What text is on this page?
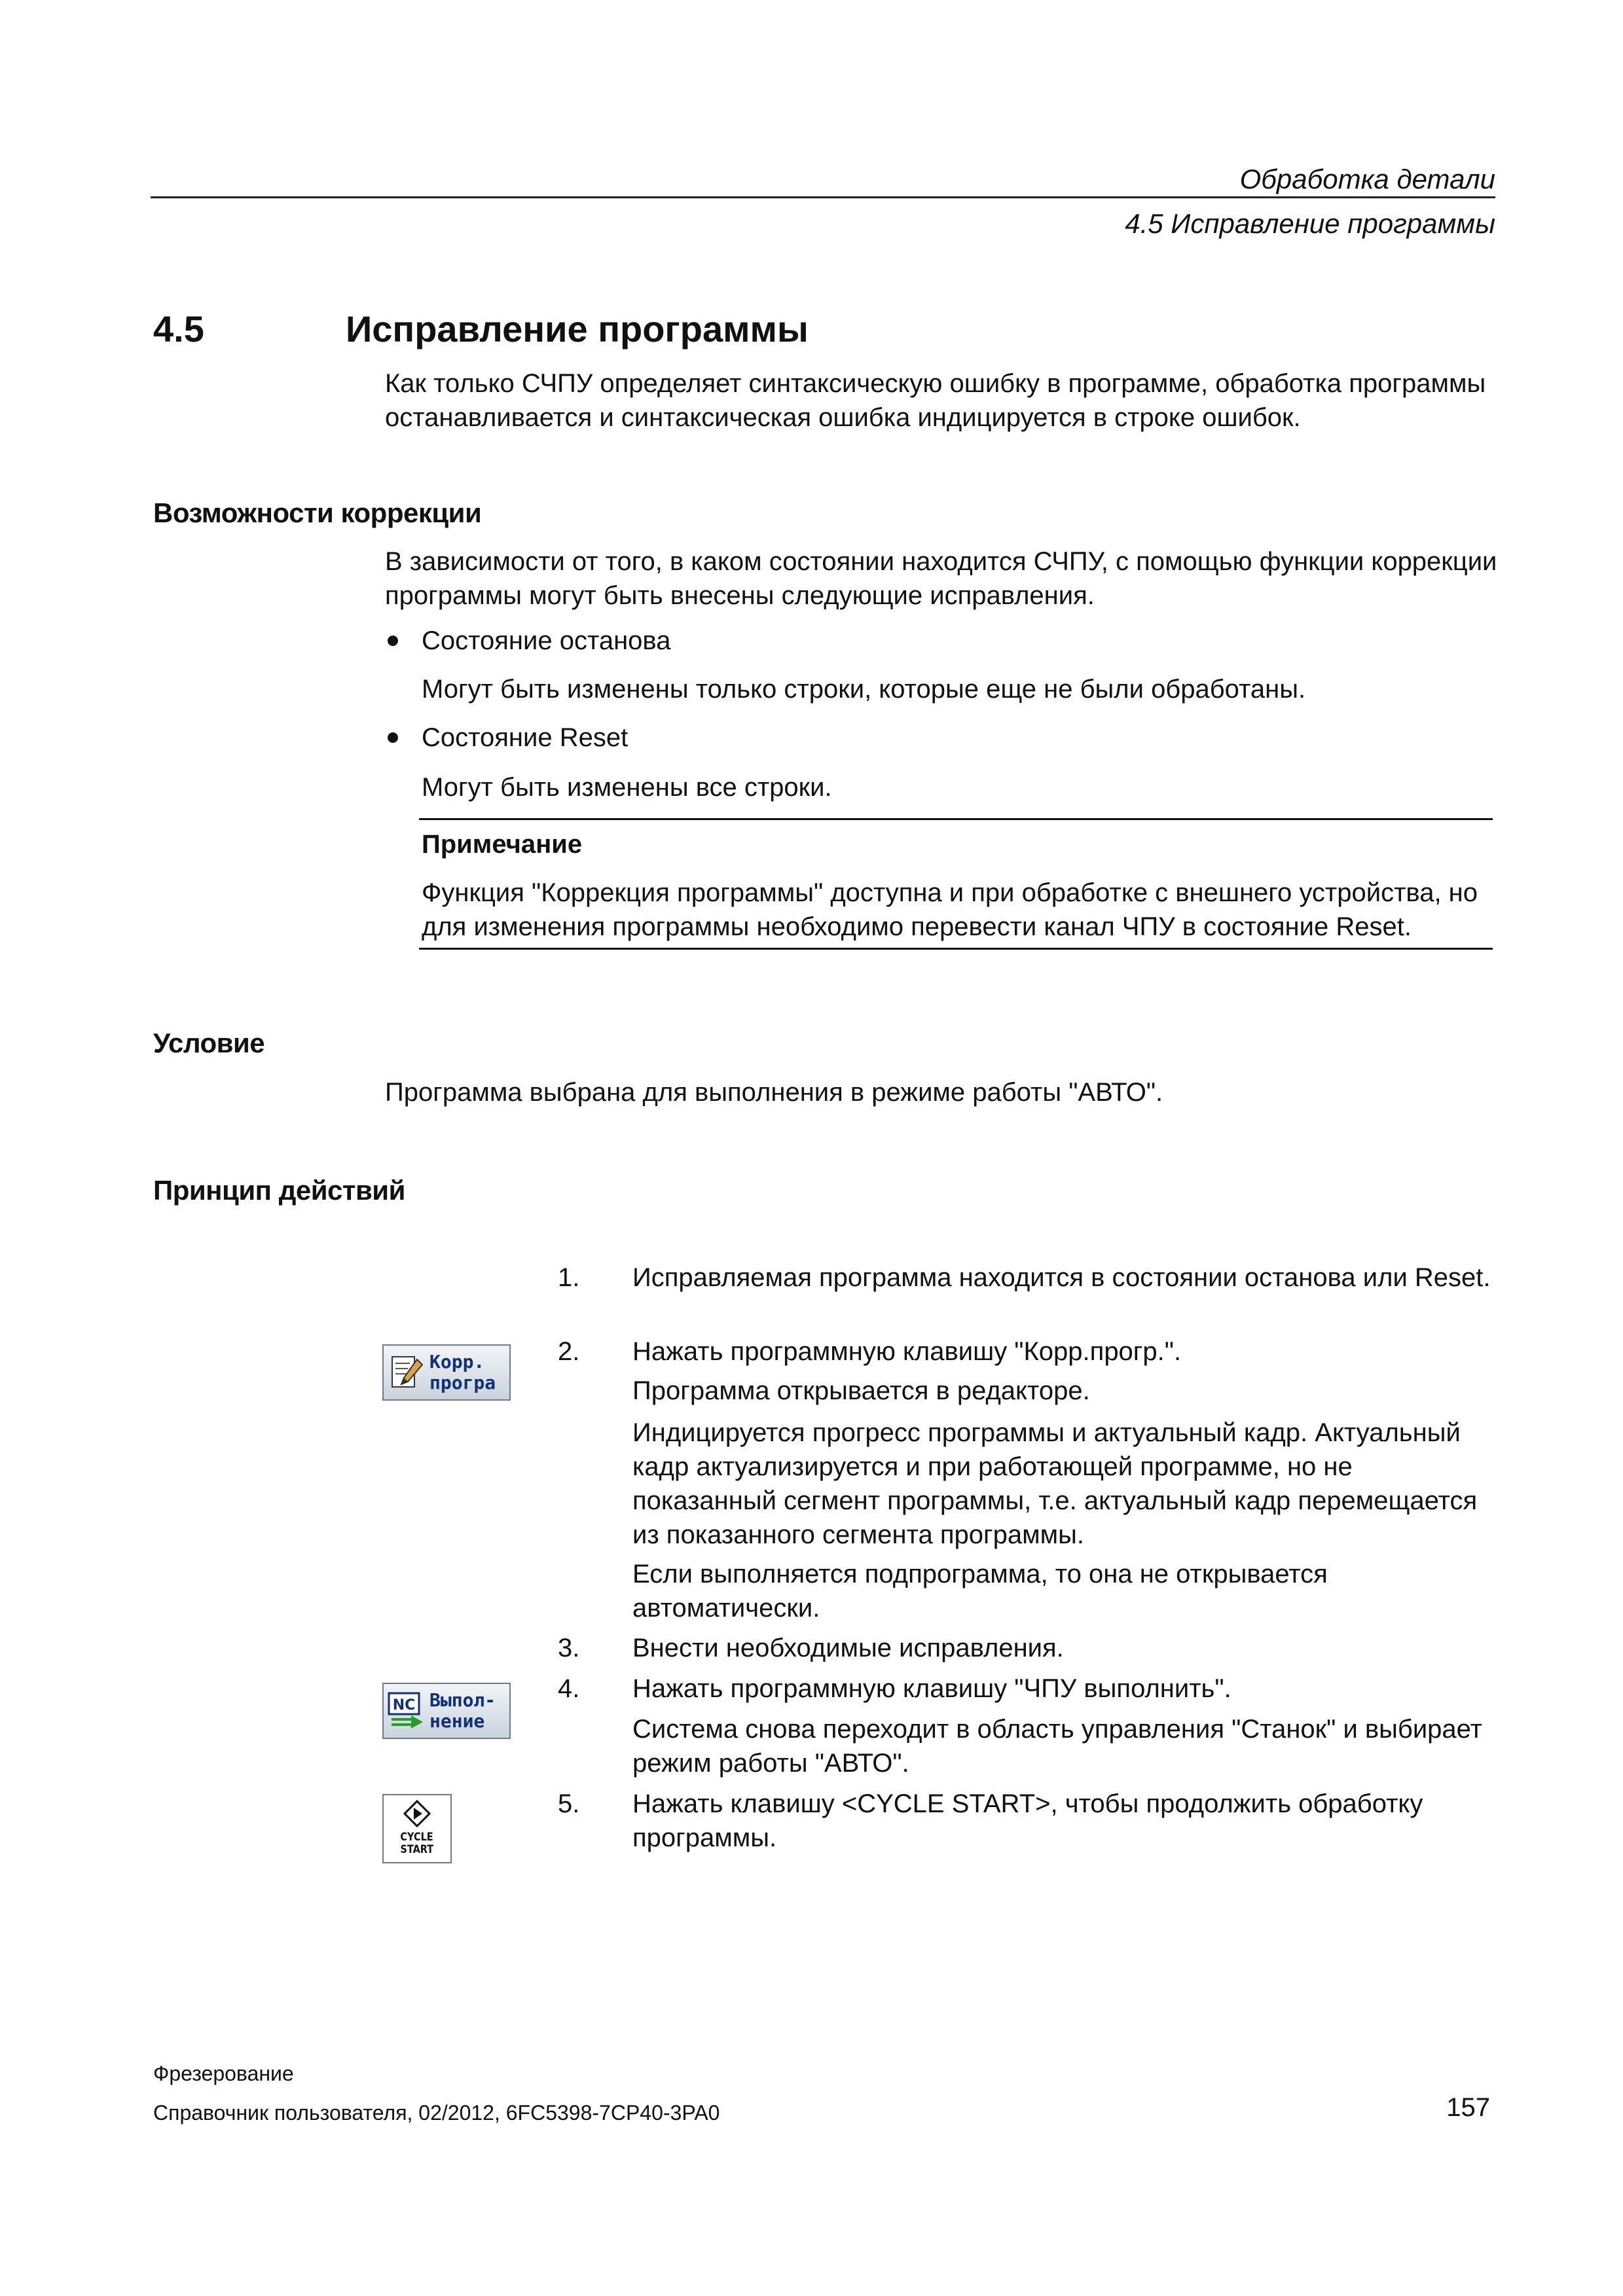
Обработка детали
4.5 Исправление программы
4.5	Исправление программы
Как только СЧПУ определяет синтаксическую ошибку в программе, обработка программы останавливается и синтаксическая ошибка индицируется в строке ошибок.
Возможности коррекции
В зависимости от того, в каком состоянии находится СЧПУ, с помощью функции коррекции программы могут быть внесены следующие исправления.
Состояние останова
Могут быть изменены только строки, которые еще не были обработаны.
Состояние Reset
Могут быть изменены все строки.
Примечание
Функция "Коррекция программы" доступна и при обработке с внешнего устройства, но для изменения программы необходимо перевести канал ЧПУ в состояние Reset.
Условие
Программа выбрана для выполнения в режиме работы "АВТО".
Принцип действий
1.	Исправляемая программа находится в состоянии останова или Reset.
2.	Нажать программную клавишу "Корр.прогр.".
Программа открывается в редакторе.
Индицируется прогресс программы и актуальный кадр. Актуальный кадр актуализируется и при работающей программе, но не показанный сегмент программы, т.е. актуальный кадр перемещается из показанного сегмента программы.
Если выполняется подпрограмма, то она не открывается автоматически.
3.	Внести необходимые исправления.
4.	Нажать программную клавишу "ЧПУ выполнить".
Система снова переходит в область управления "Станок" и выбирает режим работы "АВТО".
5.	Нажать клавишу <CYCLE START>, чтобы продолжить обработку программы.
Корр.
програ
NC Выпол-
нение
CYCLE
START
Фрезерование
Справочник пользователя, 02/2012, 6FC5398-7CP40-3PA0	157
